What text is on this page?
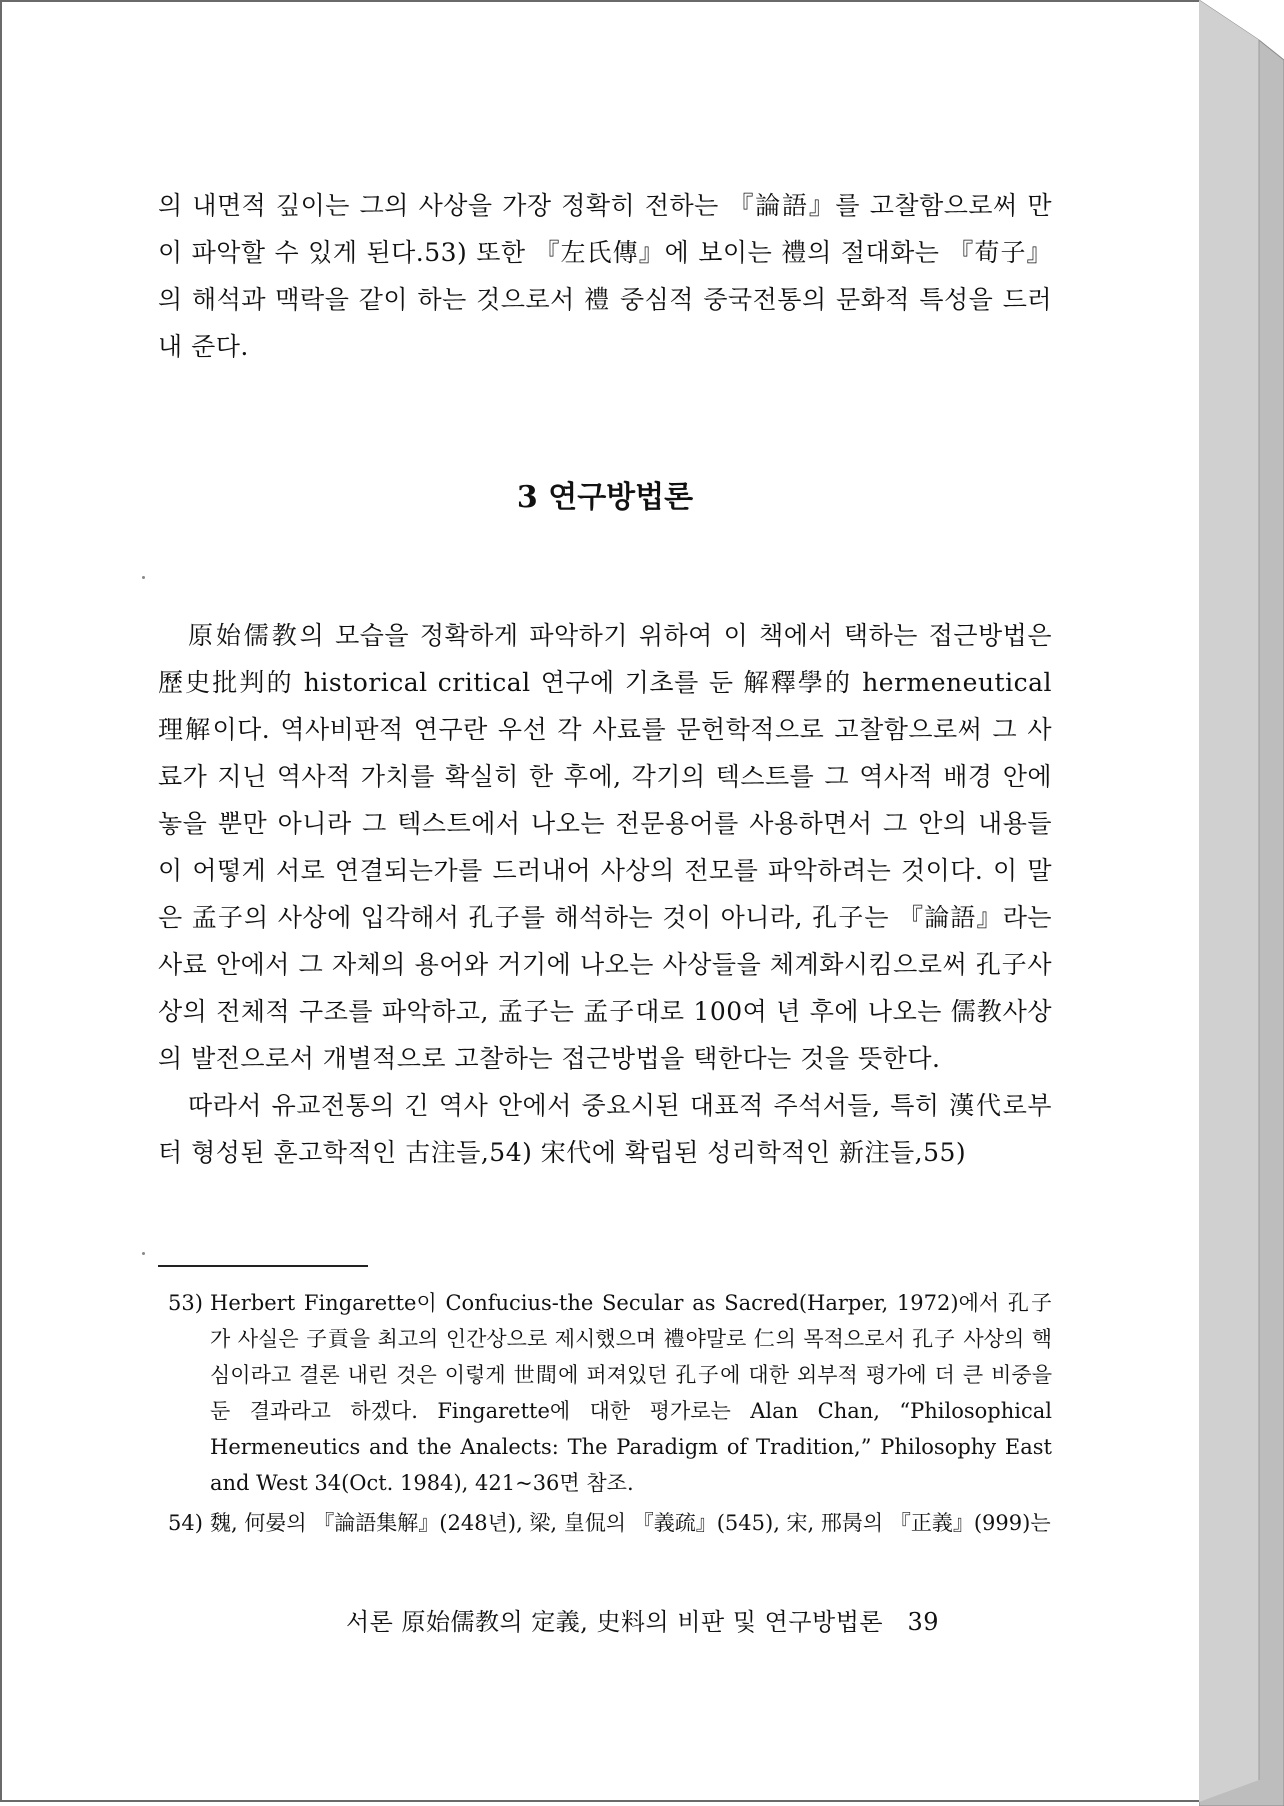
의 내면적 깊이는 그의 사상을 가장 정확히 전하는 『論語』를 고찰함으로써 만이 파악할 수 있게 된다.53) 또한 『左氏傳』에 보이는 禮의 절대화는 『荀子』의 해석과 맥락을 같이 하는 것으로서 禮 중심적 중국전통의 문화적 특성을 드러내 준다.

3 연구방법론

原始儒教의 모습을 정확하게 파악하기 위하여 이 책에서 택하는 접근방법은 歷史批判的 historical critical 연구에 기초를 둔 解釋學的 hermeneutical 理解이다. 역사비판적 연구란 우선 각 사료를 문헌학적으로 고찰함으로써 그 사료가 지닌 역사적 가치를 확실히 한 후에, 각기의 텍스트를 그 역사적 배경 안에 놓을 뿐만 아니라 그 텍스트에서 나오는 전문용어를 사용하면서 그 안의 내용들이 어떻게 서로 연결되는가를 드러내어 사상의 전모를 파악하려는 것이다. 이 말은 孟子의 사상에 입각해서 孔子를 해석하는 것이 아니라, 孔子는 『論語』라는 사료 안에서 그 자체의 용어와 거기에 나오는 사상들을 체계화시킴으로써 孔子사상의 전체적 구조를 파악하고, 孟子는 孟子대로 100여 년 후에 나오는 儒教사상의 발전으로서 개별적으로 고찰하는 접근방법을 택한다는 것을 뜻한다.

따라서 유교전통의 긴 역사 안에서 중요시된 대표적 주석서들, 특히 漢代로부터 형성된 훈고학적인 古注들,54) 宋代에 확립된 성리학적인 新注들,55)

53) Herbert Fingarette이 Confucius-the Secular as Sacred(Harper, 1972)에서 孔子가 사실은 子貢을 최고의 인간상으로 제시했으며 禮야말로 仁의 목적으로서 孔子 사상의 핵심이라고 결론 내린 것은 이렇게 世間에 퍼져있던 孔子에 대한 외부적 평가에 더 큰 비중을 둔 결과라고 하겠다. Fingarette에 대한 평가로는 Alan Chan, “Philosophical Hermeneutics and the Analects: The Paradigm of Tradition,” Philosophy East and West 34(Oct. 1984), 421~36면 참조.

54) 魏, 何晏의 『論語集解』(248년), 梁, 皇侃의 『義疏』(545), 宋, 邢昺의 『正義』(999)는

서론 原始儒教의 定義, 史料의 비판 및 연구방법론 39
